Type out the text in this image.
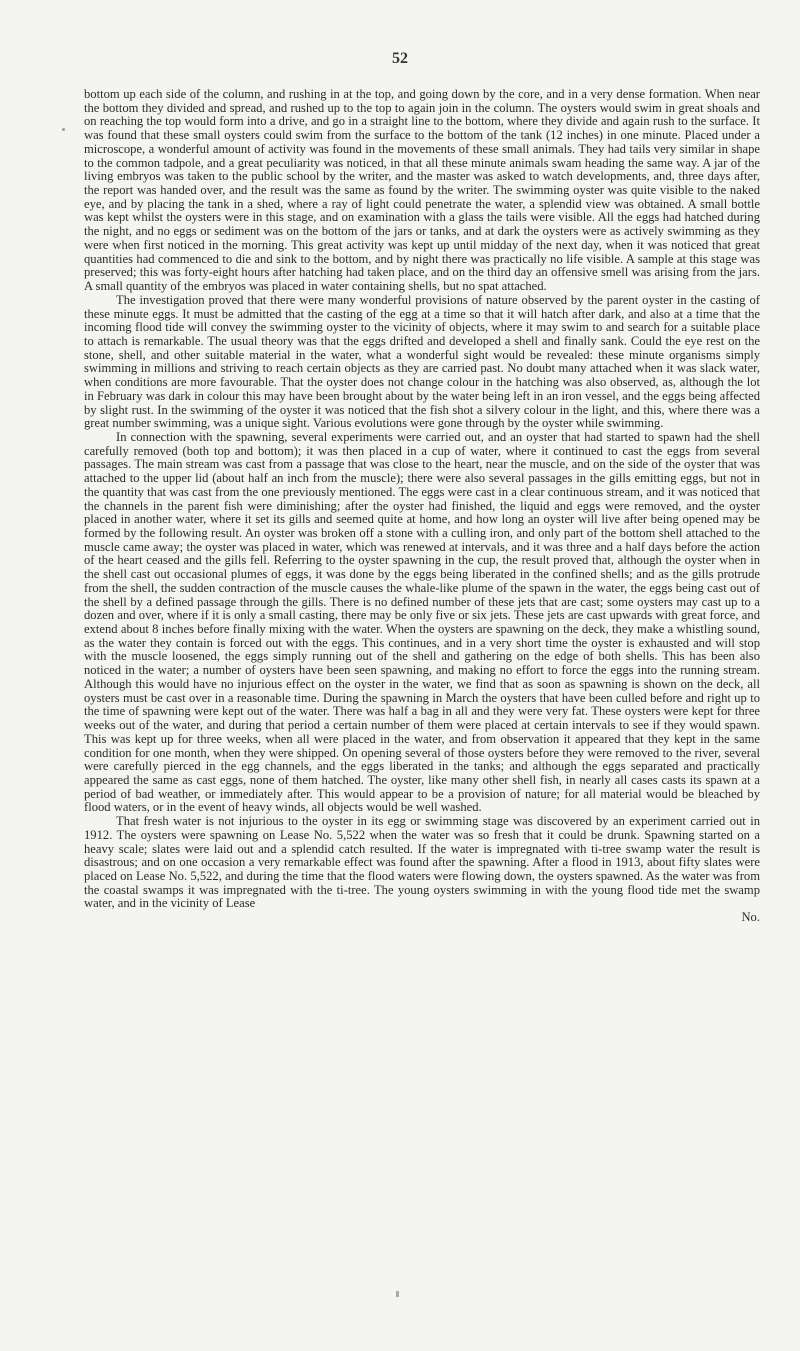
52

bottom up each side of the column, and rushing in at the top, and going down by the core, and in a very dense formation. When near the bottom they divided and spread, and rushed up to the top to again join in the column. The oysters would swim in great shoals and on reaching the top would form into a drive, and go in a straight line to the bottom, where they divide and again rush to the surface. It was found that these small oysters could swim from the surface to the bottom of the tank (12 inches) in one minute. Placed under a microscope, a wonderful amount of activity was found in the movements of these small animals. They had tails very similar in shape to the common tadpole, and a great peculiarity was noticed, in that all these minute animals swam heading the same way. A jar of the living embryos was taken to the public school by the writer, and the master was asked to watch developments, and, three days after, the report was handed over, and the result was the same as found by the writer. The swimming oyster was quite visible to the naked eye, and by placing the tank in a shed, where a ray of light could penetrate the water, a splendid view was obtained. A small bottle was kept whilst the oysters were in this stage, and on examination with a glass the tails were visible. All the eggs had hatched during the night, and no eggs or sediment was on the bottom of the jars or tanks, and at dark the oysters were as actively swimming as they were when first noticed in the morning. This great activity was kept up until midday of the next day, when it was noticed that great quantities had commenced to die and sink to the bottom, and by night there was practically no life visible. A sample at this stage was preserved; this was forty-eight hours after hatching had taken place, and on the third day an offensive smell was arising from the jars. A small quantity of the embryos was placed in water containing shells, but no spat attached.

The investigation proved that there were many wonderful provisions of nature observed by the parent oyster in the casting of these minute eggs. It must be admitted that the casting of the egg at a time so that it will hatch after dark, and also at a time that the incoming flood tide will convey the swimming oyster to the vicinity of objects, where it may swim to and search for a suitable place to attach is remarkable. The usual theory was that the eggs drifted and developed a shell and finally sank. Could the eye rest on the stone, shell, and other suitable material in the water, what a wonderful sight would be revealed: these minute organisms simply swimming in millions and striving to reach certain objects as they are carried past. No doubt many attached when it was slack water, when conditions are more favourable. That the oyster does not change colour in the hatching was also observed, as, although the lot in February was dark in colour this may have been brought about by the water being left in an iron vessel, and the eggs being affected by slight rust. In the swimming of the oyster it was noticed that the fish shot a silvery colour in the light, and this, where there was a great number swimming, was a unique sight. Various evolutions were gone through by the oyster while swimming.

In connection with the spawning, several experiments were carried out, and an oyster that had started to spawn had the shell carefully removed (both top and bottom); it was then placed in a cup of water, where it continued to cast the eggs from several passages. The main stream was cast from a passage that was close to the heart, near the muscle, and on the side of the oyster that was attached to the upper lid (about half an inch from the muscle); there were also several passages in the gills emitting eggs, but not in the quantity that was cast from the one previously mentioned. The eggs were cast in a clear continuous stream, and it was noticed that the channels in the parent fish were diminishing; after the oyster had finished, the liquid and eggs were removed, and the oyster placed in another water, where it set its gills and seemed quite at home, and how long an oyster will live after being opened may be formed by the following result. An oyster was broken off a stone with a culling iron, and only part of the bottom shell attached to the muscle came away; the oyster was placed in water, which was renewed at intervals, and it was three and a half days before the action of the heart ceased and the gills fell. Referring to the oyster spawning in the cup, the result proved that, although the oyster when in the shell cast out occasional plumes of eggs, it was done by the eggs being liberated in the confined shells; and as the gills protrude from the shell, the sudden contraction of the muscle causes the whale-like plume of the spawn in the water, the eggs being cast out of the shell by a defined passage through the gills. There is no defined number of these jets that are cast; some oysters may cast up to a dozen and over, where if it is only a small casting, there may be only five or six jets. These jets are cast upwards with great force, and extend about 8 inches before finally mixing with the water. When the oysters are spawning on the deck, they make a whistling sound, as the water they contain is forced out with the eggs. This continues, and in a very short time the oyster is exhausted and will stop with the muscle loosened, the eggs simply running out of the shell and gathering on the edge of both shells. This has been also noticed in the water; a number of oysters have been seen spawning, and making no effort to force the eggs into the running stream. Although this would have no injurious effect on the oyster in the water, we find that as soon as spawning is shown on the deck, all oysters must be cast over in a reasonable time. During the spawning in March the oysters that have been culled before and right up to the time of spawning were kept out of the water. There was half a bag in all and they were very fat. These oysters were kept for three weeks out of the water, and during that period a certain number of them were placed at certain intervals to see if they would spawn. This was kept up for three weeks, when all were placed in the water, and from observation it appeared that they kept in the same condition for one month, when they were shipped. On opening several of those oysters before they were removed to the river, several were carefully pierced in the egg channels, and the eggs liberated in the tanks; and although the eggs separated and practically appeared the same as cast eggs, none of them hatched. The oyster, like many other shell fish, in nearly all cases casts its spawn at a period of bad weather, or immediately after. This would appear to be a provision of nature; for all material would be bleached by flood waters, or in the event of heavy winds, all objects would be well washed.

That fresh water is not injurious to the oyster in its egg or swimming stage was discovered by an experiment carried out in 1912. The oysters were spawning on Lease No. 5,522 when the water was so fresh that it could be drunk. Spawning started on a heavy scale; slates were laid out and a splendid catch resulted. If the water is impregnated with ti-tree swamp water the result is disastrous; and on one occasion a very remarkable effect was found after the spawning. After a flood in 1913, about fifty slates were placed on Lease No. 5,522, and during the time that the flood waters were flowing down, the oysters spawned. As the water was from the coastal swamps it was impregnated with the ti-tree. The young oysters swimming in with the young flood tide met the swamp water, and in the vicinity of Lease

No.
